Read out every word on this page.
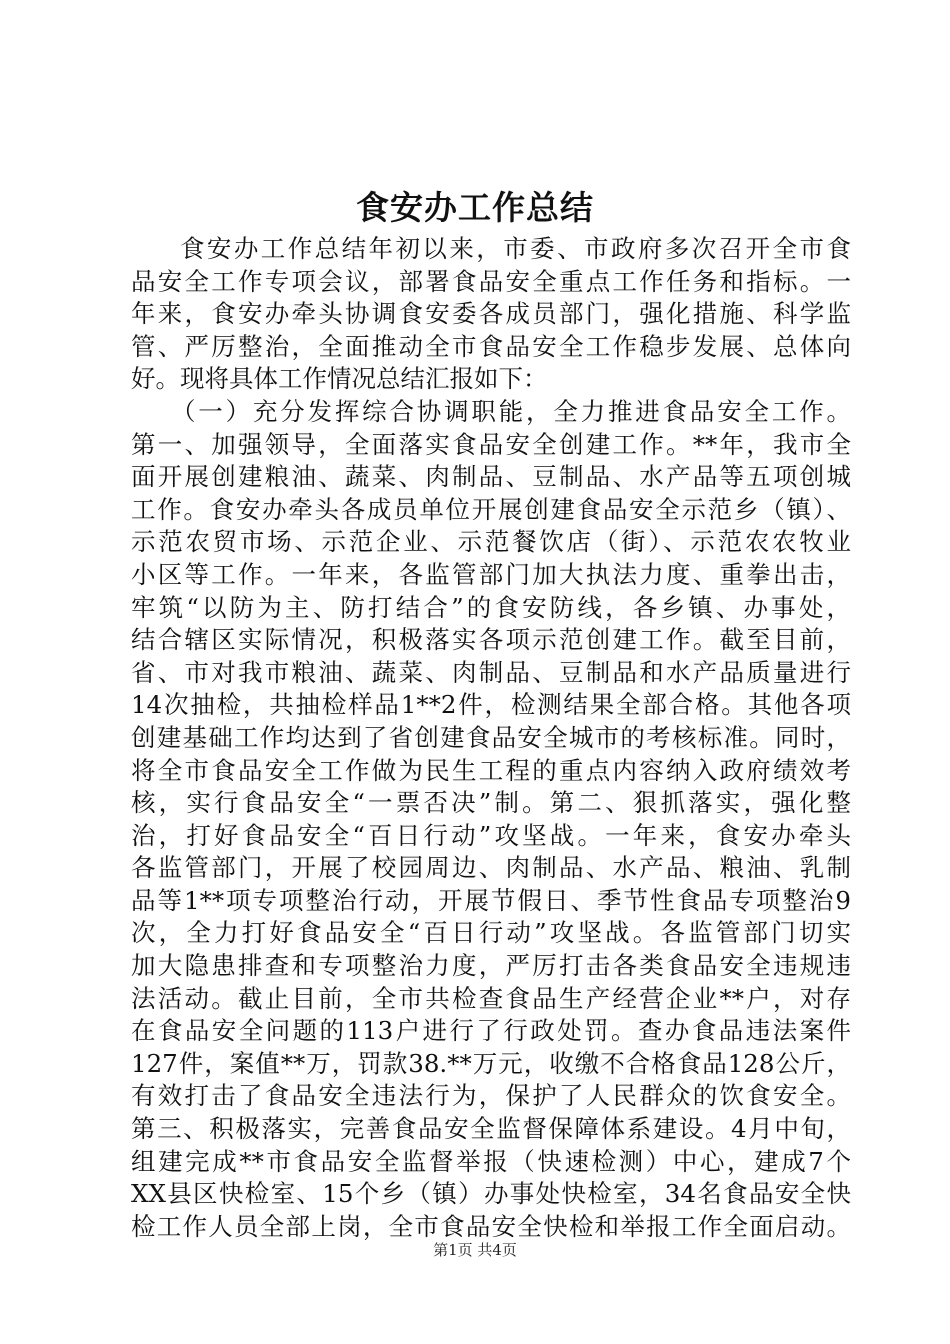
食安办工作总结
食安办工作总结年初以来，市委、市政府多次召开全市食
品安全工作专项会议，部署食品安全重点工作任务和指标。一
年来，食安办牵头协调食安委各成员部门，强化措施、科学监
管、严厉整治，全面推动全市食品安全工作稳步发展、总体向
好。现将具体工作情况总结汇报如下：
（一）充分发挥综合协调职能，全力推进食品安全工作。
第一、加强领导，全面落实食品安全创建工作。**年，我市全
面开展创建粮油、蔬菜、肉制品、豆制品、水产品等五项创城
工作。食安办牵头各成员单位开展创建食品安全示范乡（镇）、
示范农贸市场、示范企业、示范餐饮店（街）、示范农农牧业
小区等工作。一年来，各监管部门加大执法力度、重拳出击，
牢筑“以防为主、防打结合”的食安防线，各乡镇、办事处，
结合辖区实际情况，积极落实各项示范创建工作。截至目前，
省、市对我市粮油、蔬菜、肉制品、豆制品和水产品质量进行
14次抽检，共抽检样品1**2件，检测结果全部合格。其他各项
创建基础工作均达到了省创建食品安全城市的考核标准。同时，
将全市食品安全工作做为民生工程的重点内容纳入政府绩效考
核，实行食品安全“一票否决”制。第二、狠抓落实，强化整
治，打好食品安全“百日行动”攻坚战。一年来，食安办牵头
各监管部门，开展了校园周边、肉制品、水产品、粮油、乳制
品等1**项专项整治行动，开展节假日、季节性食品专项整治9
次，全力打好食品安全“百日行动”攻坚战。各监管部门切实
加大隐患排查和专项整治力度，严厉打击各类食品安全违规违
法活动。截止目前，全市共检查食品生产经营企业**户，对存
在食品安全问题的113户进行了行政处罚。查办食品违法案件
127件，案值**万，罚款38.**万元，收缴不合格食品128公斤，
有效打击了食品安全违法行为，保护了人民群众的饮食安全。
第三、积极落实，完善食品安全监督保障体系建设。4月中旬，
组建完成**市食品安全监督举报（快速检测）中心，建成7个
XX县区快检室、15个乡（镇）办事处快检室，34名食品安全快
检工作人员全部上岗，全市食品安全快检和举报工作全面启动。
第1页 共4页
